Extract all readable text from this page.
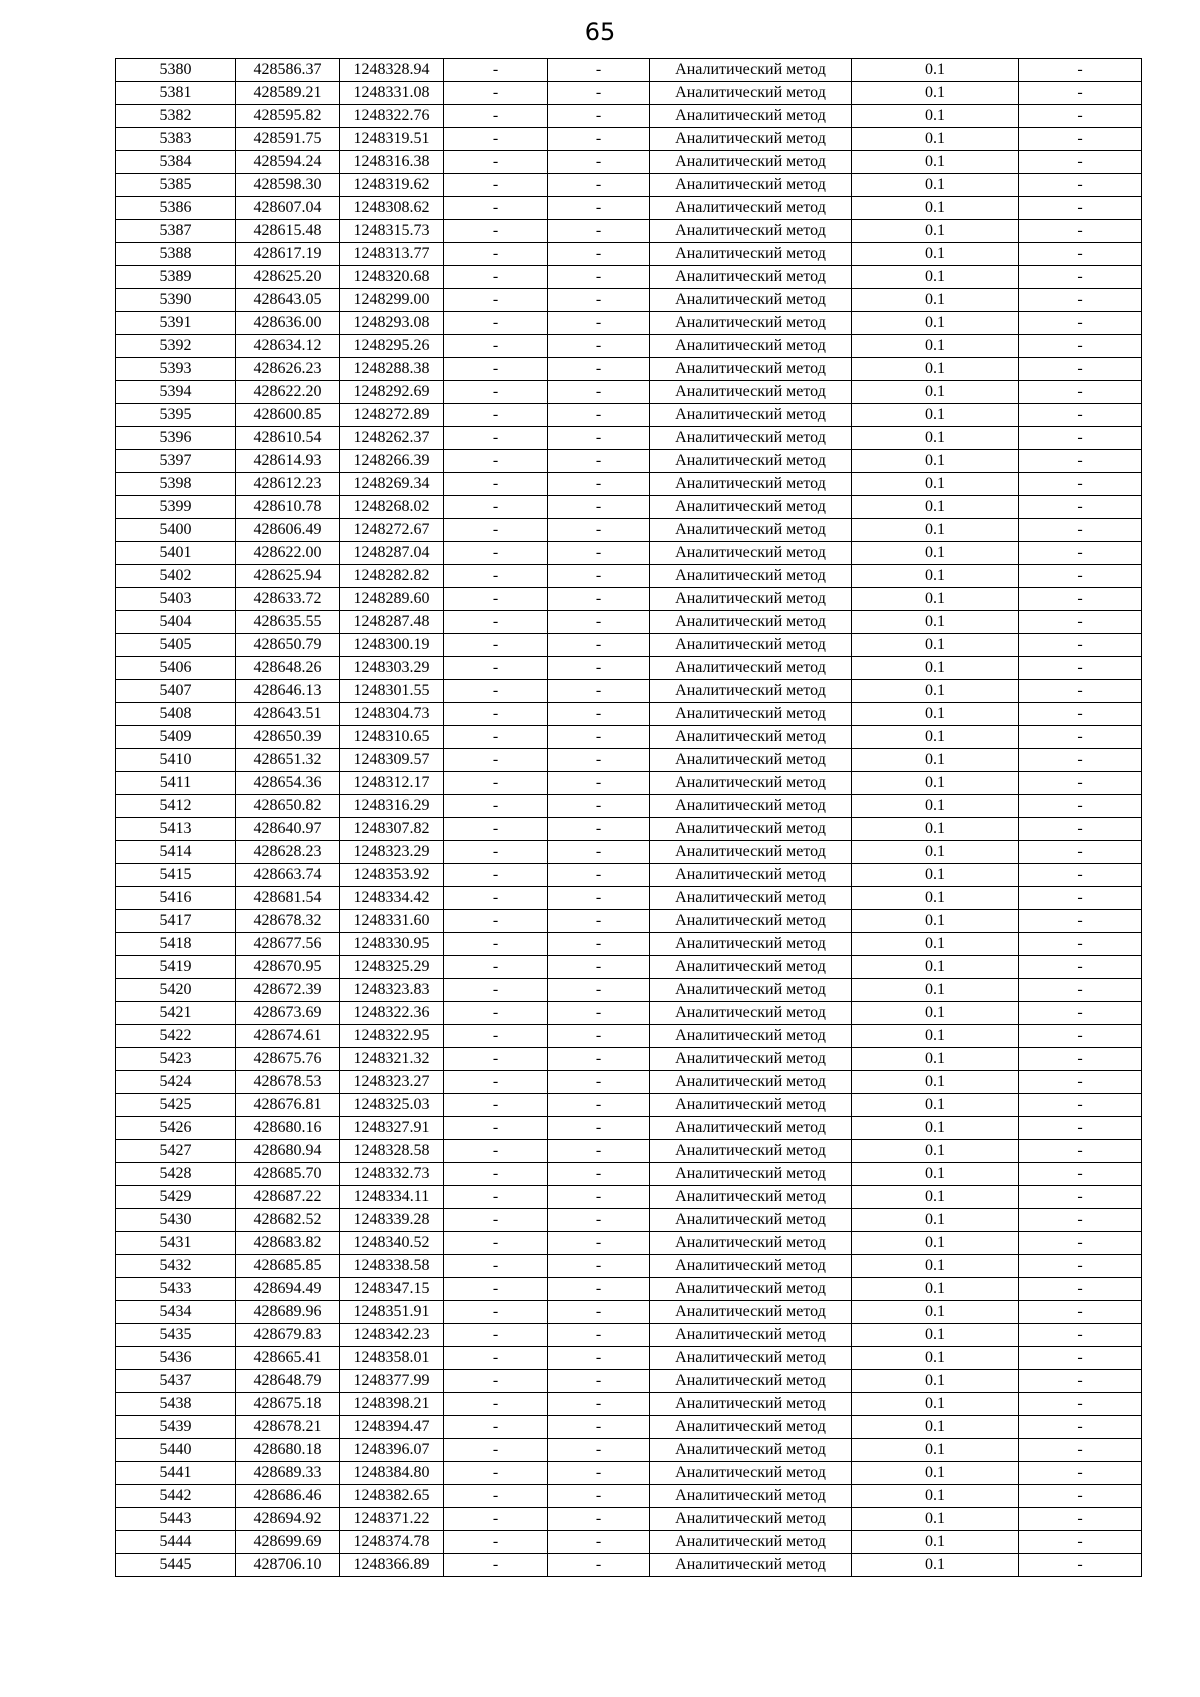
65
5380	428586.37	1248328.94	-	-	Аналитический метод	0.1	-
5381	428589.21	1248331.08	-	-	Аналитический метод	0.1	-
5382	428595.82	1248322.76	-	-	Аналитический метод	0.1	-
5383	428591.75	1248319.51	-	-	Аналитический метод	0.1	-
5384	428594.24	1248316.38	-	-	Аналитический метод	0.1	-
5385	428598.30	1248319.62	-	-	Аналитический метод	0.1	-
5386	428607.04	1248308.62	-	-	Аналитический метод	0.1	-
5387	428615.48	1248315.73	-	-	Аналитический метод	0.1	-
5388	428617.19	1248313.77	-	-	Аналитический метод	0.1	-
5389	428625.20	1248320.68	-	-	Аналитический метод	0.1	-
5390	428643.05	1248299.00	-	-	Аналитический метод	0.1	-
5391	428636.00	1248293.08	-	-	Аналитический метод	0.1	-
5392	428634.12	1248295.26	-	-	Аналитический метод	0.1	-
5393	428626.23	1248288.38	-	-	Аналитический метод	0.1	-
5394	428622.20	1248292.69	-	-	Аналитический метод	0.1	-
5395	428600.85	1248272.89	-	-	Аналитический метод	0.1	-
5396	428610.54	1248262.37	-	-	Аналитический метод	0.1	-
5397	428614.93	1248266.39	-	-	Аналитический метод	0.1	-
5398	428612.23	1248269.34	-	-	Аналитический метод	0.1	-
5399	428610.78	1248268.02	-	-	Аналитический метод	0.1	-
5400	428606.49	1248272.67	-	-	Аналитический метод	0.1	-
5401	428622.00	1248287.04	-	-	Аналитический метод	0.1	-
5402	428625.94	1248282.82	-	-	Аналитический метод	0.1	-
5403	428633.72	1248289.60	-	-	Аналитический метод	0.1	-
5404	428635.55	1248287.48	-	-	Аналитический метод	0.1	-
5405	428650.79	1248300.19	-	-	Аналитический метод	0.1	-
5406	428648.26	1248303.29	-	-	Аналитический метод	0.1	-
5407	428646.13	1248301.55	-	-	Аналитический метод	0.1	-
5408	428643.51	1248304.73	-	-	Аналитический метод	0.1	-
5409	428650.39	1248310.65	-	-	Аналитический метод	0.1	-
5410	428651.32	1248309.57	-	-	Аналитический метод	0.1	-
5411	428654.36	1248312.17	-	-	Аналитический метод	0.1	-
5412	428650.82	1248316.29	-	-	Аналитический метод	0.1	-
5413	428640.97	1248307.82	-	-	Аналитический метод	0.1	-
5414	428628.23	1248323.29	-	-	Аналитический метод	0.1	-
5415	428663.74	1248353.92	-	-	Аналитический метод	0.1	-
5416	428681.54	1248334.42	-	-	Аналитический метод	0.1	-
5417	428678.32	1248331.60	-	-	Аналитический метод	0.1	-
5418	428677.56	1248330.95	-	-	Аналитический метод	0.1	-
5419	428670.95	1248325.29	-	-	Аналитический метод	0.1	-
5420	428672.39	1248323.83	-	-	Аналитический метод	0.1	-
5421	428673.69	1248322.36	-	-	Аналитический метод	0.1	-
5422	428674.61	1248322.95	-	-	Аналитический метод	0.1	-
5423	428675.76	1248321.32	-	-	Аналитический метод	0.1	-
5424	428678.53	1248323.27	-	-	Аналитический метод	0.1	-
5425	428676.81	1248325.03	-	-	Аналитический метод	0.1	-
5426	428680.16	1248327.91	-	-	Аналитический метод	0.1	-
5427	428680.94	1248328.58	-	-	Аналитический метод	0.1	-
5428	428685.70	1248332.73	-	-	Аналитический метод	0.1	-
5429	428687.22	1248334.11	-	-	Аналитический метод	0.1	-
5430	428682.52	1248339.28	-	-	Аналитический метод	0.1	-
5431	428683.82	1248340.52	-	-	Аналитический метод	0.1	-
5432	428685.85	1248338.58	-	-	Аналитический метод	0.1	-
5433	428694.49	1248347.15	-	-	Аналитический метод	0.1	-
5434	428689.96	1248351.91	-	-	Аналитический метод	0.1	-
5435	428679.83	1248342.23	-	-	Аналитический метод	0.1	-
5436	428665.41	1248358.01	-	-	Аналитический метод	0.1	-
5437	428648.79	1248377.99	-	-	Аналитический метод	0.1	-
5438	428675.18	1248398.21	-	-	Аналитический метод	0.1	-
5439	428678.21	1248394.47	-	-	Аналитический метод	0.1	-
5440	428680.18	1248396.07	-	-	Аналитический метод	0.1	-
5441	428689.33	1248384.80	-	-	Аналитический метод	0.1	-
5442	428686.46	1248382.65	-	-	Аналитический метод	0.1	-
5443	428694.92	1248371.22	-	-	Аналитический метод	0.1	-
5444	428699.69	1248374.78	-	-	Аналитический метод	0.1	-
5445	428706.10	1248366.89	-	-	Аналитический метод	0.1	-
